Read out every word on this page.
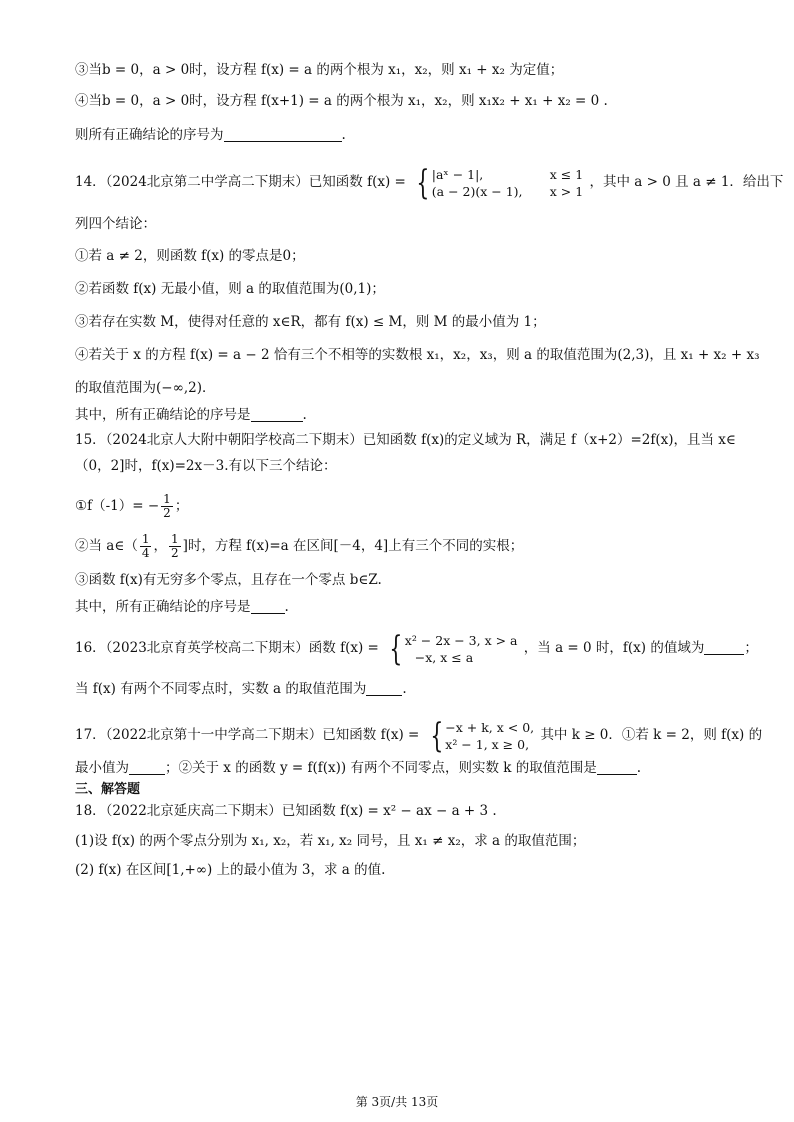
③当b = 0，a > 0时，设方程 f(x) = a 的两个根为 x₁，x₂，则 x₁ + x₂ 为定值；
④当b = 0，a > 0时，设方程 f(x+1) = a 的两个根为 x₁，x₂，则 x₁x₂ + x₁ + x₂ = 0 .
则所有正确结论的序号为	.
14．（2024北京第二中学高二下期末）已知函数 f(x) = { |aˣ − 1|,	x ≤ 1
(a − 2)(x − 1), x > 1
，其中 a > 0 且 a ≠ 1．给出下
列四个结论：
①若 a ≠ 2，则函数 f(x) 的零点是0；
②若函数 f(x) 无最小值，则 a 的取值范围为(0,1)；
③若存在实数 M，使得对任意的 x∈R，都有 f(x) ≤ M，则 M 的最小值为 1；
④若关于 x 的方程 f(x) = a − 2 恰有三个不相等的实数根 x₁，x₂，x₃，则 a 的取值范围为(2,3)，且 x₁ + x₂ + x₃
的取值范围为(−∞,2)．
其中，所有正确结论的序号是	.
15．（2024北京人大附中朝阳学校高二下期末）已知函数 f(x)的定义域为 R，满足 f（x+2）=2f(x)，且当 x∈
（0，2]时，f(x)=2x－3.有以下三个结论：
①f（-1）= − $\frac{1}{2}$ ；
②当 a∈（ $\frac{1}{4}$ ， $\frac{1}{2}$ ]时，方程 f(x)=a 在区间[－4，4]上有三个不同的实根；
③函数 f(x)有无穷多个零点，且存在一个零点 b∈Z.
其中，所有正确结论的序号是	.
16．（2023北京育英学校高二下期末）函数 f(x) = { x² − 2x − 3, x > a
−x, x ≤ a
，当 a = 0 时，f(x) 的值域为	；
当 f(x) 有两个不同零点时，实数 a 的取值范围为	.
17．（2022北京第十一中学高二下期末）已知函数 f(x) = { −x + k, x < 0,
x² − 1, x ≥ 0,
其中 k ≥ 0．①若 k = 2，则 f(x) 的
最小值为	；②关于 x 的函数 y = f(f(x)) 有两个不同零点，则实数 k 的取值范围是	.
三、解答题
18．（2022北京延庆高二下期末）已知函数 f(x) = x² − ax − a + 3 .
(1)设 f(x) 的两个零点分别为 x₁, x₂，若 x₁, x₂ 同号，且 x₁ ≠ x₂，求 a 的取值范围；
(2) f(x) 在区间[1,+∞) 上的最小值为 3，求 a 的值.
第 3页/共 13页
